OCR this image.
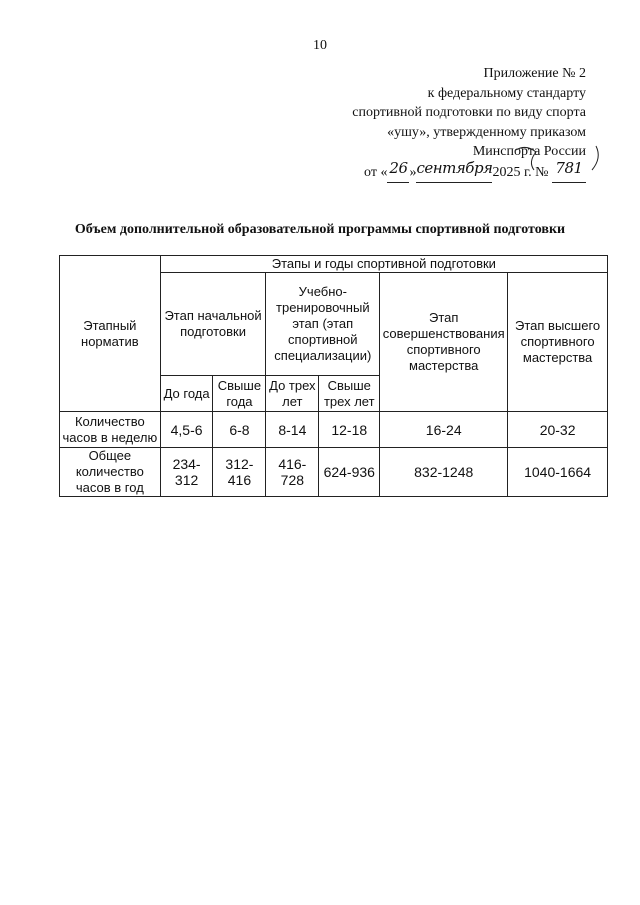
10
Приложение № 2
к федеральному стандарту
спортивной подготовки по виду спорта
«ушу», утвержденному приказом
Минспорта России
от « 26 »сентября2025 г. № 781
Объем дополнительной образовательной программы спортивной подготовки
Этапный норматив	Этапы и годы спортивной подготовки					
	Этап начальной подготовки		Учебно-тренировочный этап (этап спортивной специализации)		Этап совершенствования спортивного мастерства	Этап высшего спортивного мастерства
	До года	Свыше года	До трех лет	Свыше трех лет		
Количество часов в неделю	4,5-6	6-8	8-14	12-18	16-24	20-32
Общее количество часов в год	234-312	312-416	416-728	624-936	832-1248	1040-1664
